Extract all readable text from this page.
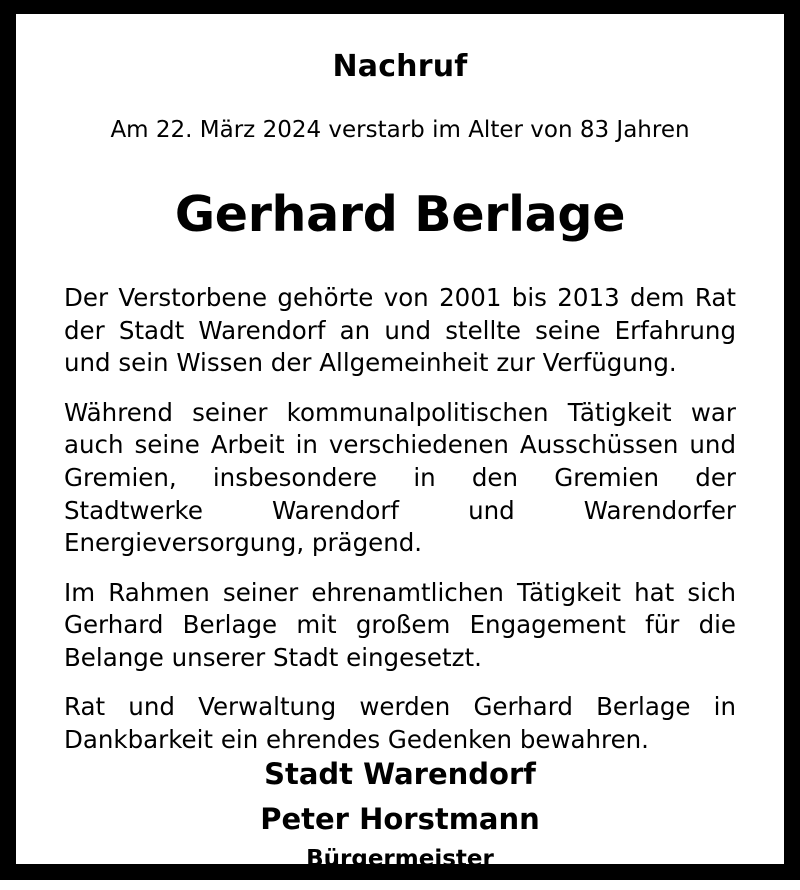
Nachruf

Am 22. März 2024 verstarb im Alter von 83 Jahren

Gerhard Berlage

Der Verstorbene gehörte von 2001 bis 2013 dem Rat der Stadt Warendorf an und stellte seine Erfahrung und sein Wissen der Allgemeinheit zur Verfügung.

Während seiner kommunalpolitischen Tätigkeit war auch seine Arbeit in verschiedenen Ausschüssen und Gremien, insbesondere in den Gremien der Stadtwerke Warendorf und Warendorfer Energieversorgung, prägend.

Im Rahmen seiner ehrenamtlichen Tätigkeit hat sich Gerhard Berlage mit großem Engagement für die Belange unserer Stadt eingesetzt.

Rat und Verwaltung werden Gerhard Berlage in Dankbarkeit ein ehrendes Gedenken bewahren.

Stadt Warendorf

Peter Horstmann

Bürgermeister
